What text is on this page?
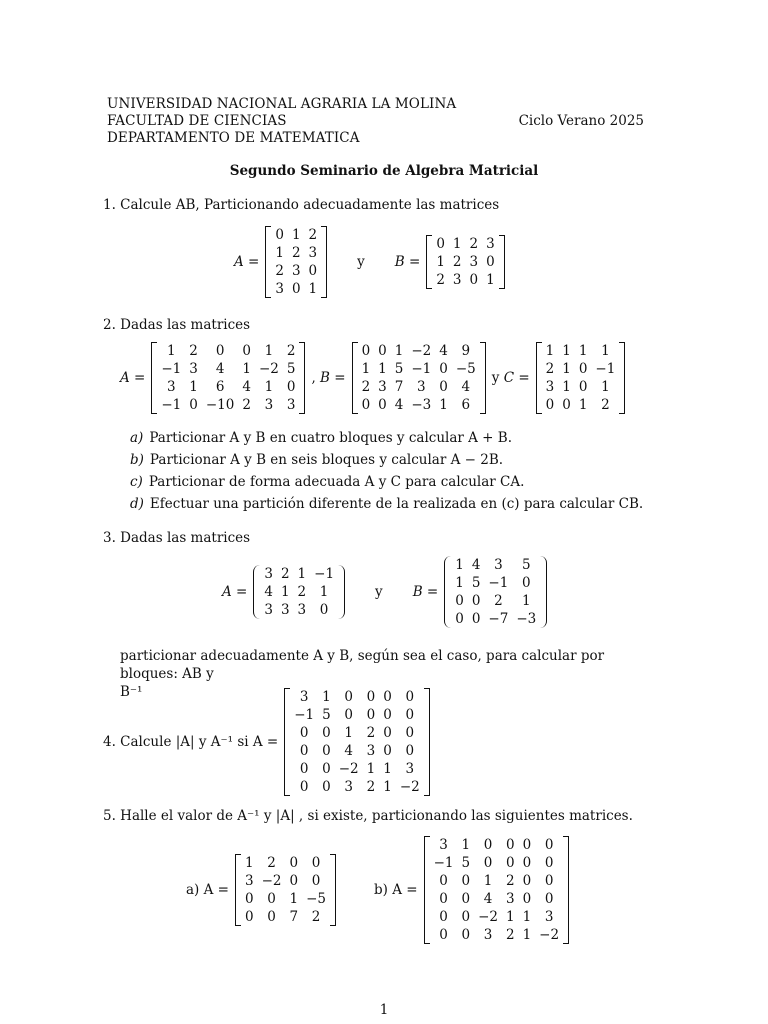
UNIVERSIDAD NACIONAL AGRARIA LA MOLINA
FACULTAD DE CIENCIAS
DEPARTAMENTO DE MATEMATICA
Ciclo Verano 2025
Segundo Seminario de Algebra Matricial
1. Calcule AB, Particionando adecuadamente las matrices
A =
0	1	2
1	2	3
2	3	0
3	0	1
y B =
0	1	2	3
1	2	3	0
2	3	0	1
2. Dadas las matrices
A =
1	2	0	0	1	2
−1	3	4	1	−2	5
3	1	6	4	1	0
−1	0	−10	2	3	3
, B =
0	0	1	−2	4	9
1	1	5	−1	0	−5
2	3	7	3	0	4
0	0	4	−3	1	6
y C =
1	1	1	1
2	1	0	−1
3	1	0	1
0	0	1	2
a) Particionar A y B en cuatro bloques y calcular A + B.
b) Particionar A y B en seis bloques y calcular A − 2B.
c) Particionar de forma adecuada A y C para calcular CA.
d) Efectuar una partición diferente de la realizada en (c) para calcular CB.
3. Dadas las matrices
A =
3	2	1	−1
4	1	2	1
3	3	3	0
y B =
1	4	3	5
1	5	−1	0
0	0	2	1
0	0	−7	−3
particionar adecuadamente A y B, según sea el caso, para calcular por bloques: AB y
B⁻¹
4. Calcule |A| y A⁻¹ si A =
3	1	0	0	0	0
−1	5	0	0	0	0
0	0	1	2	0	0
0	0	4	3	0	0
0	0	−2	1	1	3
0	0	3	2	1	−2
5. Halle el valor de A⁻¹ y |A| , si existe, particionando las siguientes matrices.
a) A =
1	2	0	0
3	−2	0	0
0	0	1	−5
0	0	7	2
b) A =
3	1	0	0	0	0
−1	5	0	0	0	0
0	0	1	2	0	0
0	0	4	3	0	0
0	0	−2	1	1	3
0	0	3	2	1	−2
1
